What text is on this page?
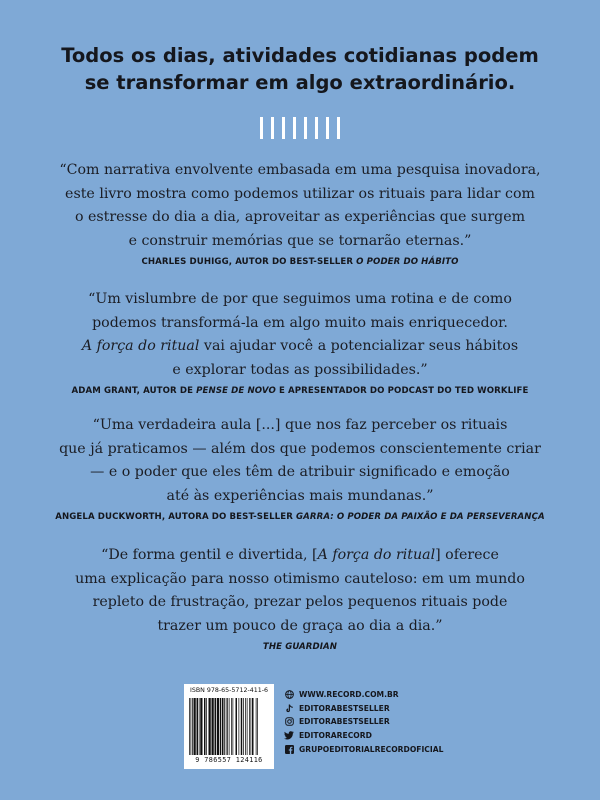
Todos os dias, atividades cotidianas podem
se transformar em algo extraordinário.
“Com narrativa envolvente embasada em uma pesquisa inovadora,
este livro mostra como podemos utilizar os rituais para lidar com
o estresse do dia a dia, aproveitar as experiências que surgem
e construir memórias que se tornarão eternas.”
CHARLES DUHIGG, AUTOR DO BEST-SELLER O PODER DO HÁBITO
“Um vislumbre de por que seguimos uma rotina e de como
podemos transformá-la em algo muito mais enriquecedor.
A força do ritual vai ajudar você a potencializar seus hábitos
e explorar todas as possibilidades.”
ADAM GRANT, AUTOR DE PENSE DE NOVO E APRESENTADOR DO PODCAST DO TED WORKLIFE
“Uma verdadeira aula [...] que nos faz perceber os rituais
que já praticamos — além dos que podemos conscientemente criar
— e o poder que eles têm de atribuir significado e emoção
até às experiências mais mundanas.”
ANGELA DUCKWORTH, AUTORA DO BEST-SELLER GARRA: O PODER DA PAIXÃO E DA PERSEVERANÇA
“De forma gentil e divertida, [A força do ritual] oferece
uma explicação para nosso otimismo cauteloso: em um mundo
repleto de frustração, prezar pelos pequenos rituais pode
trazer um pouco de graça ao dia a dia.”
THE GUARDIAN
ISBN 978-65-5712-411-6
9 786557 124116
WWW.RECORD.COM.BR
EDITORABESTSELLER
EDITORABESTSELLER
EDITORARECORD
GRUPOEDITORIALRECORDOFICIAL
